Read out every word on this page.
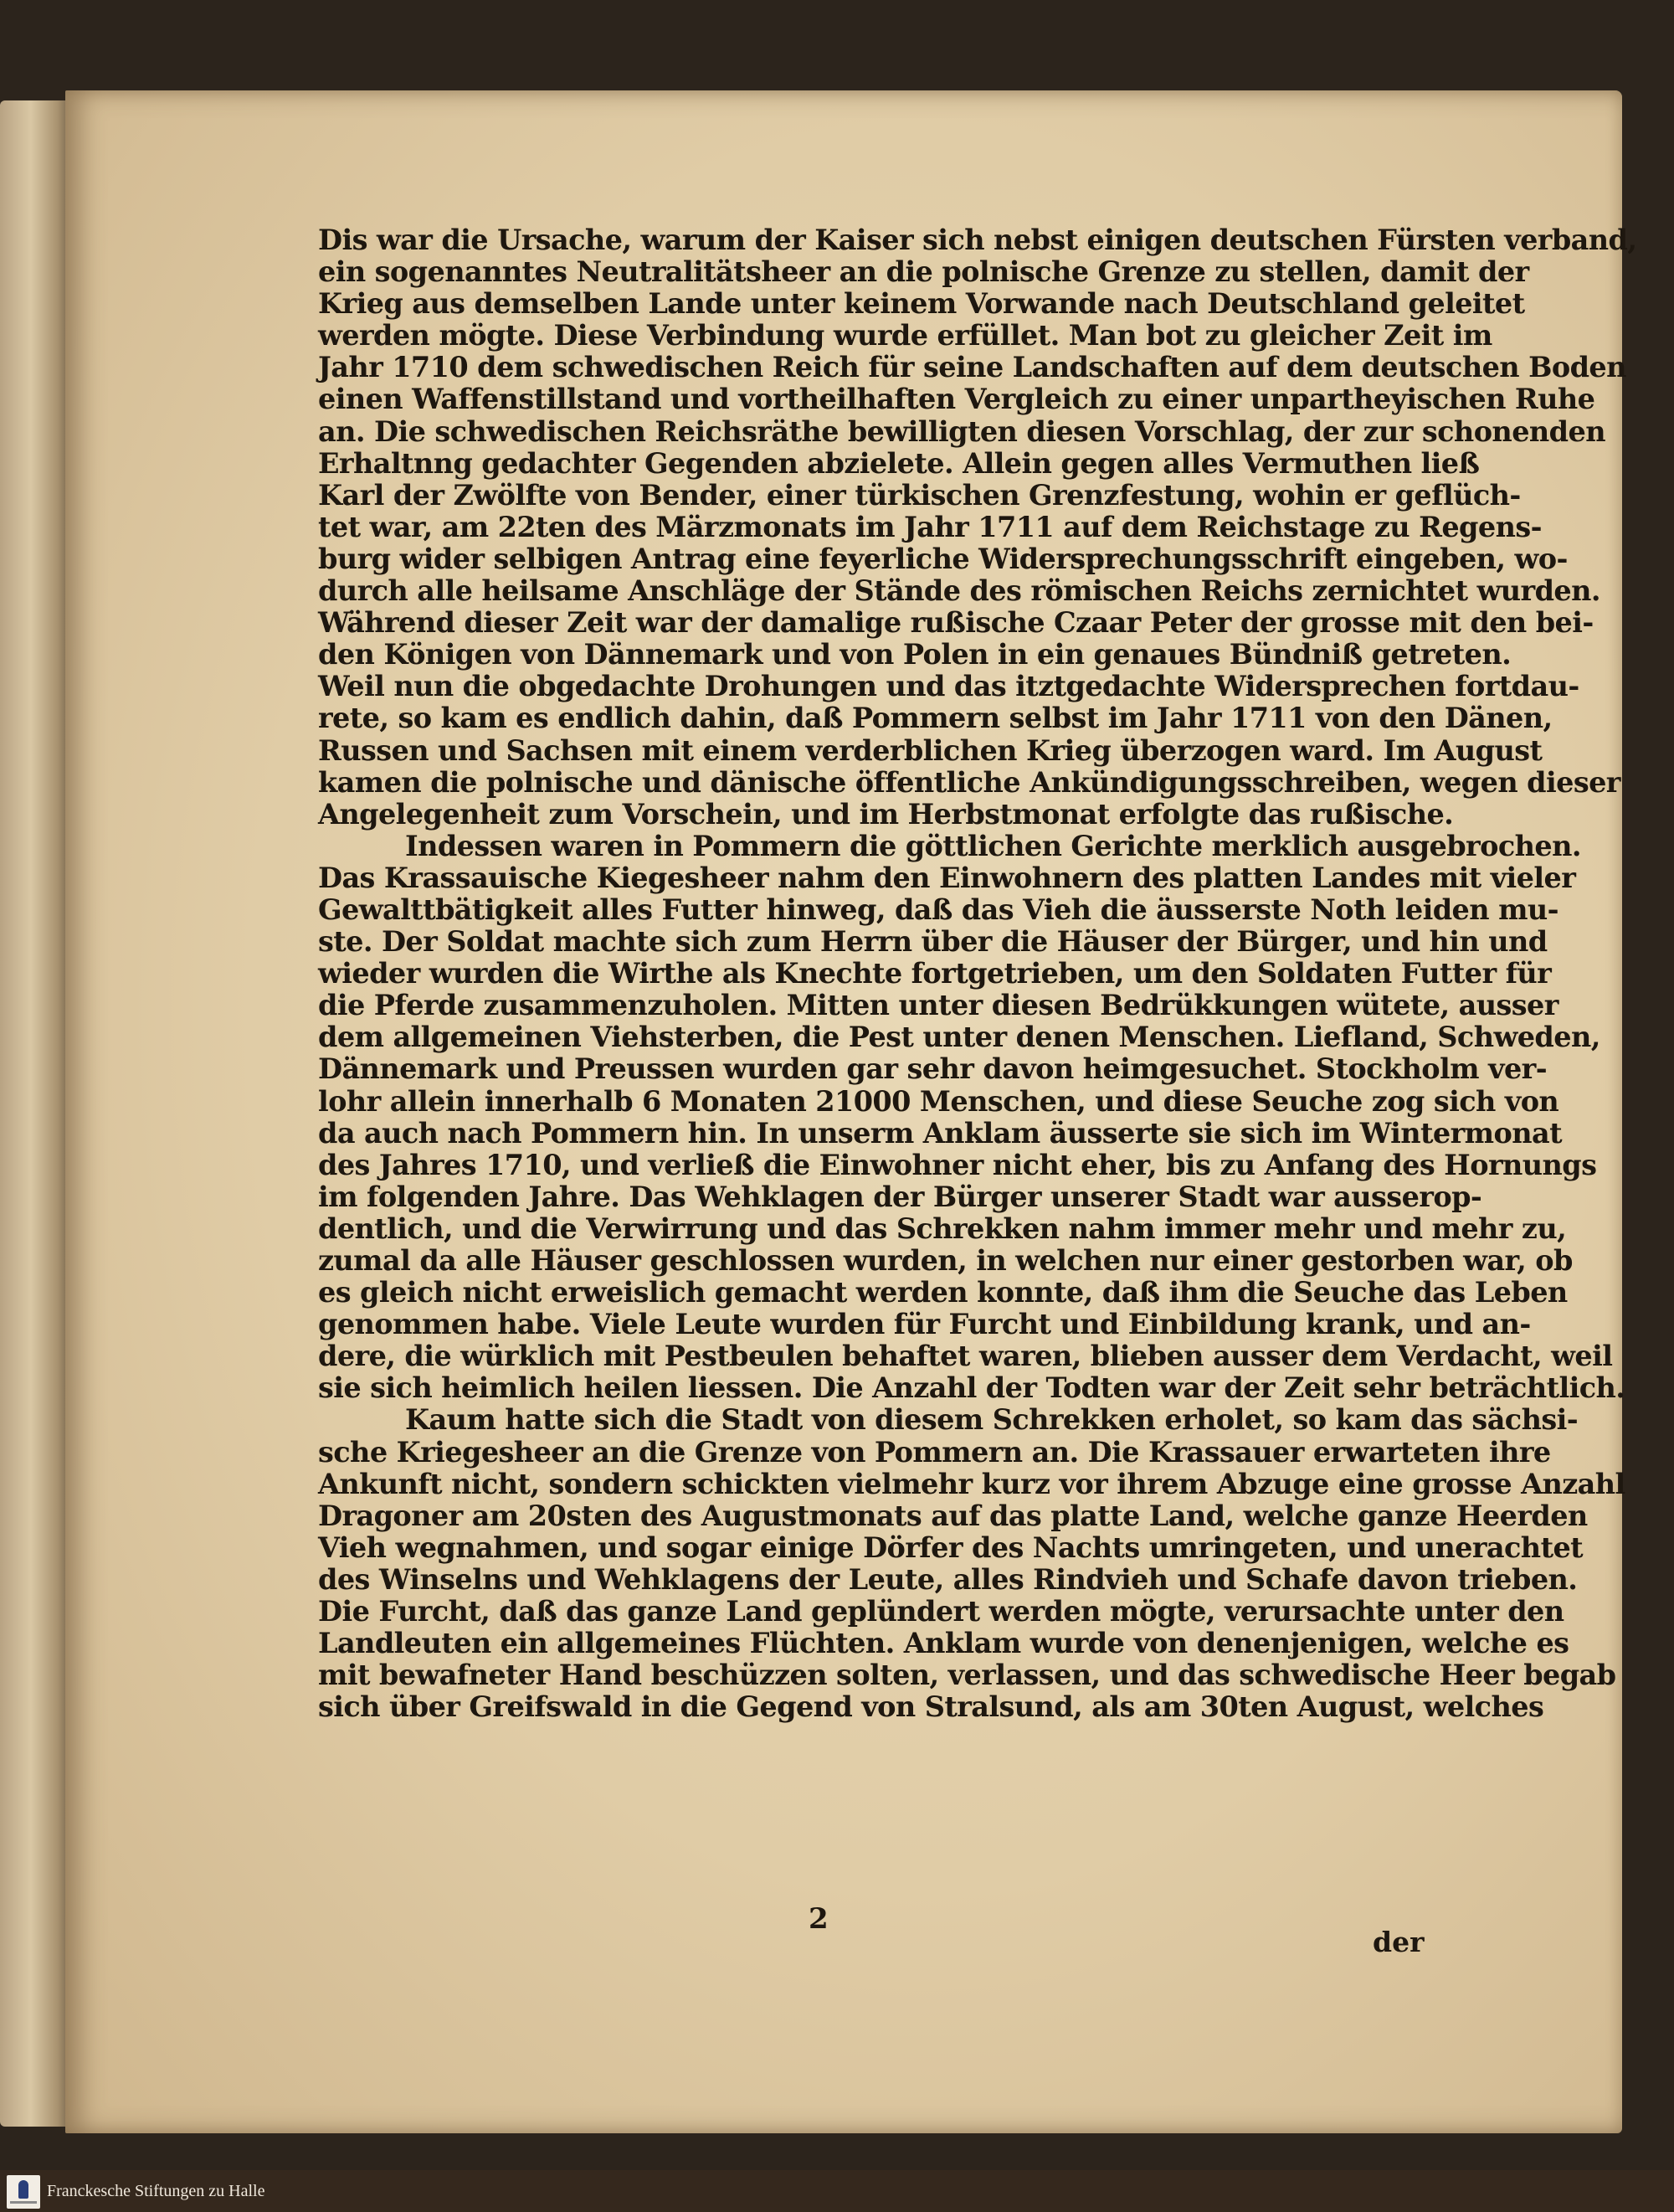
Dis war die Ursache, warum der Kaiser sich nebst einigen deutschen Fürsten verband,
ein sogenanntes Neutralitätsheer an die polnische Grenze zu stellen, damit der
Krieg aus demselben Lande unter keinem Vorwande nach Deutschland geleitet
werden mögte. Diese Verbindung wurde erfüllet. Man bot zu gleicher Zeit im
Jahr 1710 dem schwedischen Reich für seine Landschaften auf dem deutschen Boden
einen Waffenstillstand und vortheilhaften Vergleich zu einer unpartheyischen Ruhe
an. Die schwedischen Reichsräthe bewilligten diesen Vorschlag, der zur schonenden
Erhaltnng gedachter Gegenden abzielete. Allein gegen alles Vermuthen ließ
Karl der Zwölfte von Bender, einer türkischen Grenzfestung, wohin er geflüch-
tet war, am 22ten des Märzmonats im Jahr 1711 auf dem Reichstage zu Regens-
burg wider selbigen Antrag eine feyerliche Widersprechungsschrift eingeben, wo-
durch alle heilsame Anschläge der Stände des römischen Reichs zernichtet wurden.
Während dieser Zeit war der damalige rußische Czaar Peter der grosse mit den bei-
den Königen von Dännemark und von Polen in ein genaues Bündniß getreten.
Weil nun die obgedachte Drohungen und das itztgedachte Widersprechen fortdau-
rete, so kam es endlich dahin, daß Pommern selbst im Jahr 1711 von den Dänen,
Russen und Sachsen mit einem verderblichen Krieg überzogen ward. Im August
kamen die polnische und dänische öffentliche Ankündigungsschreiben, wegen dieser
Angelegenheit zum Vorschein, und im Herbstmonat erfolgte das rußische.
Indessen waren in Pommern die göttlichen Gerichte merklich ausgebrochen.
Das Krassauische Kiegesheer nahm den Einwohnern des platten Landes mit vieler
Gewalttbätigkeit alles Futter hinweg, daß das Vieh die äusserste Noth leiden mu-
ste. Der Soldat machte sich zum Herrn über die Häuser der Bürger, und hin und
wieder wurden die Wirthe als Knechte fortgetrieben, um den Soldaten Futter für
die Pferde zusammenzuholen. Mitten unter diesen Bedrükkungen wütete, ausser
dem allgemeinen Viehsterben, die Pest unter denen Menschen. Liefland, Schweden,
Dännemark und Preussen wurden gar sehr davon heimgesuchet. Stockholm ver-
lohr allein innerhalb 6 Monaten 21000 Menschen, und diese Seuche zog sich von
da auch nach Pommern hin. In unserm Anklam äusserte sie sich im Wintermonat
des Jahres 1710, und verließ die Einwohner nicht eher, bis zu Anfang des Hornungs
im folgenden Jahre. Das Wehklagen der Bürger unserer Stadt war ausserор-
dentlich, und die Verwirrung und das Schrekken nahm immer mehr und mehr zu,
zumal da alle Häuser geschlossen wurden, in welchen nur einer gestorben war, ob
es gleich nicht erweislich gemacht werden konnte, daß ihm die Seuche das Leben
genommen habe. Viele Leute wurden für Furcht und Einbildung krank, und an-
dere, die würklich mit Pestbeulen behaftet waren, blieben ausser dem Verdacht, weil
sie sich heimlich heilen liessen. Die Anzahl der Todten war der Zeit sehr beträchtlich.
Kaum hatte sich die Stadt von diesem Schrekken erholet, so kam das sächsi-
sche Kriegesheer an die Grenze von Pommern an. Die Krassauer erwarteten ihre
Ankunft nicht, sondern schickten vielmehr kurz vor ihrem Abzuge eine grosse Anzahl
Dragoner am 20sten des Augustmonats auf das platte Land, welche ganze Heerden
Vieh wegnahmen, und sogar einige Dörfer des Nachts umringeten, und unerachtet
des Winselns und Wehklagens der Leute, alles Rindvieh und Schafe davon trieben.
Die Furcht, daß das ganze Land geplündert werden mögte, verursachte unter den
Landleuten ein allgemeines Flüchten. Anklam wurde von denenjenigen, welche es
mit bewafneter Hand beschüzzen solten, verlassen, und das schwedische Heer begab
sich über Greifswald in die Gegend von Stralsund, als am 30ten August, welches
2
der
Franckesche Stiftungen zu Halle
